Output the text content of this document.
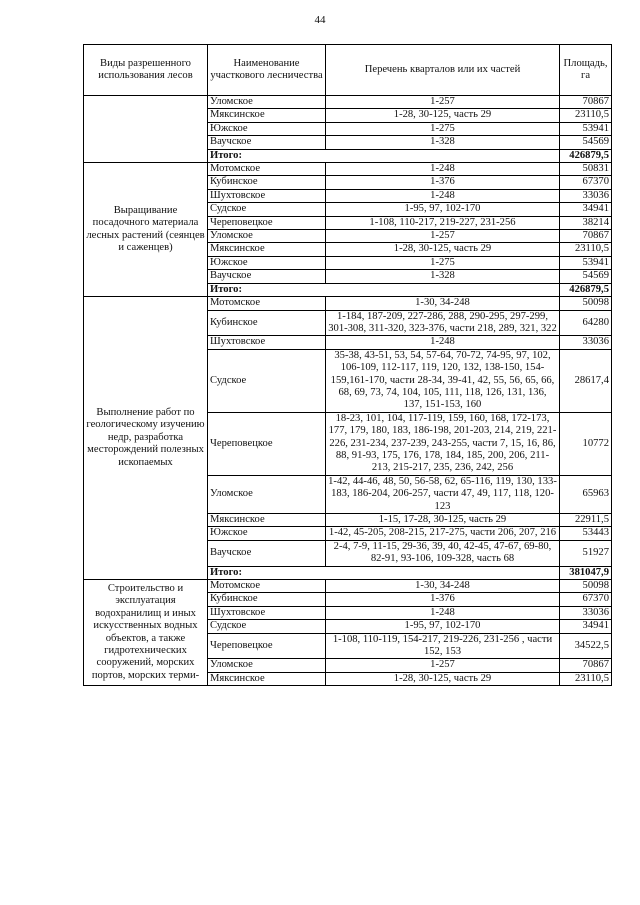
44
Виды разрешенного использования лесов	Наименование участкового лесничества	Перечень кварталов или их частей	Площадь, га
	Уломское	1-257	70867
	Мяксинское	1-28, 30-125, часть 29	23110,5
	Южское	1-275	53941
	Ваучское	1-328	54569
	Итого:		426879,5
Выращивание посадочного материала лесных растений (сеянцев и саженцев)	Мотомское	1-248	50831
	Кубинское	1-376	67370
	Шухтовское	1-248	33036
	Судское	1-95, 97, 102-170	34941
	Череповецкое	1-108, 110-217, 219-227, 231-256	38214
	Уломское	1-257	70867
	Мяксинское	1-28, 30-125, часть 29	23110,5
	Южское	1-275	53941
	Ваучское	1-328	54569
	Итого:		426879,5
Выполнение работ по геологическому изучению недр, разработка месторождений полезных ископаемых	Мотомское	1-30, 34-248	50098
	Кубинское	1-184, 187-209, 227-286, 288, 290-295, 297-299, 301-308, 311-320, 323-376, части 218, 289, 321, 322	64280
	Шухтовское	1-248	33036
	Судское	35-38, 43-51, 53, 54, 57-64, 70-72, 74-95, 97, 102, 106-109, 112-117, 119, 120, 132, 138-150, 154-159,161-170, части 28-34, 39-41, 42, 55, 56, 65, 66, 68, 69, 73, 74, 104, 105, 111, 118, 126, 131, 136, 137, 151-153, 160	28617,4
	Череповецкое	18-23, 101, 104, 117-119, 159, 160, 168, 172-173, 177, 179, 180, 183, 186-198, 201-203, 214, 219, 221-226, 231-234, 237-239, 243-255, части 7, 15, 16, 86, 88, 91-93, 175, 176, 178, 184, 185, 200, 206, 211-213, 215-217, 235, 236, 242, 256	10772
	Уломское	1-42, 44-46, 48, 50, 56-58, 62, 65-116, 119, 130, 133-183, 186-204, 206-257, части 47, 49, 117, 118, 120-123	65963
	Мяксинское	1-15, 17-28, 30-125, часть 29	22911,5
	Южское	1-42, 45-205, 208-215, 217-275, части 206, 207, 216	53443
	Ваучское	2-4, 7-9, 11-15, 29-36, 39, 40, 42-45, 47-67, 69-80, 82-91, 93-106, 109-328, часть 68	51927
	Итого:		381047,9
Строительство и эксплуатация водохранилищ и иных искусственных водных объектов, а также гидротехнических сооружений, морских портов, морских терми-	Мотомское	1-30, 34-248	50098
	Кубинское	1-376	67370
	Шухтовское	1-248	33036
	Судское	1-95, 97, 102-170	34941
	Череповецкое	1-108, 110-119, 154-217, 219-226, 231-256 , части 152, 153	34522,5
	Уломское	1-257	70867
	Мяксинское	1-28, 30-125, часть 29	23110,5
